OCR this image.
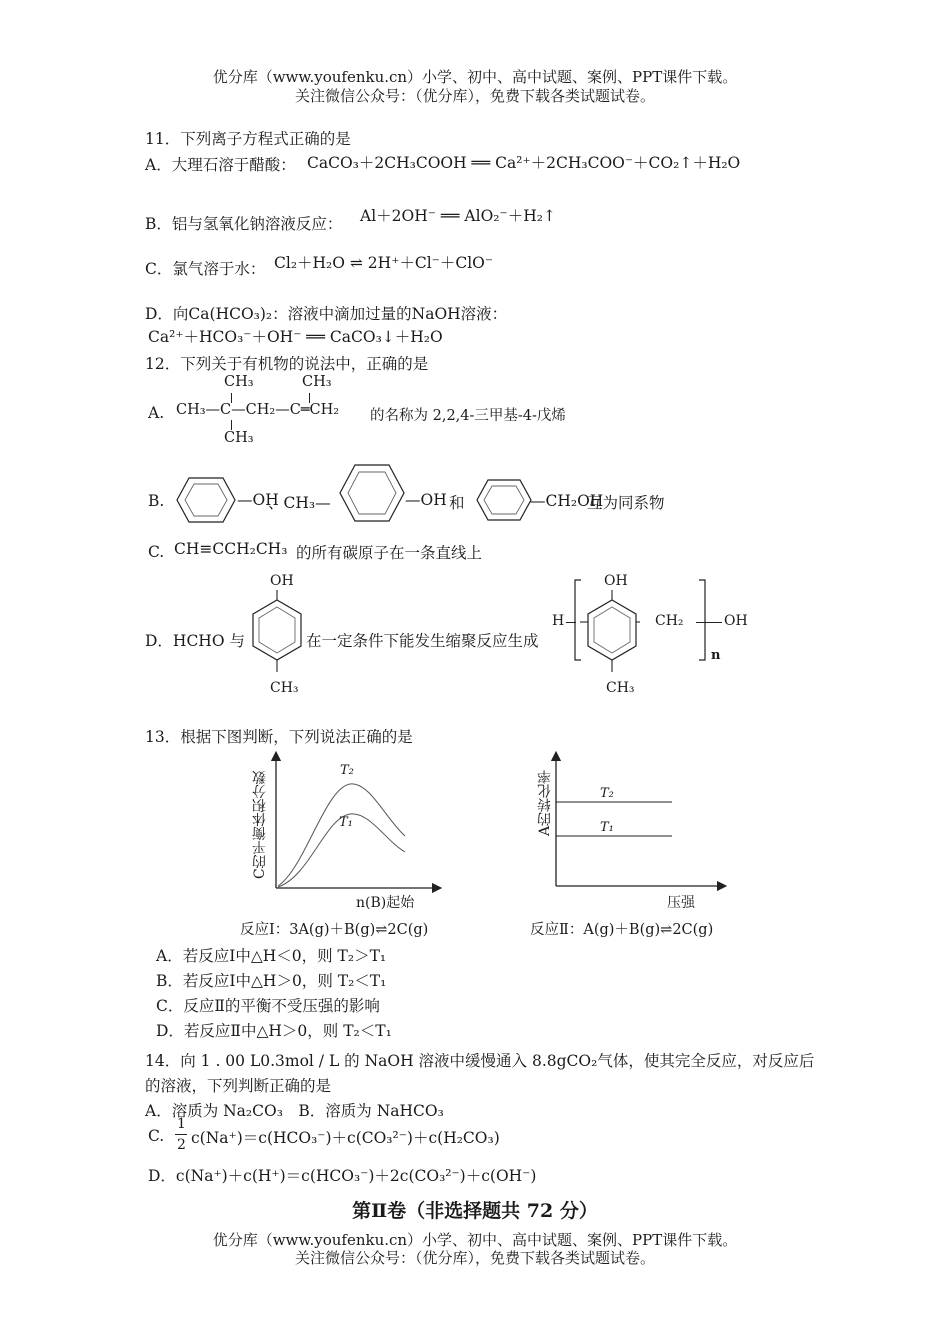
优分库（www.youfenku.cn）小学、初中、高中试题、案例、PPT课件下载。
关注微信公众号：（优分库），免费下载各类试题试卷。
11．下列离子方程式正确的是
A．大理石溶于醋酸： CaCO₃＋2CH₃COOH ══ Ca²⁺＋2CH₃COO⁻＋CO₂↑＋H₂O
B．铝与氢氧化钠溶液反应： Al＋2OH⁻ ══ AlO₂⁻＋H₂↑
C．氯气溶于水： Cl₂＋H₂O ⇌ 2H⁺＋Cl⁻＋ClO⁻
D．向Ca(HCO₃)₂：溶液中滴加过量的NaOH溶液：
Ca²⁺＋HCO₃⁻＋OH⁻ ══ CaCO₃↓＋H₂O
12．下列关于有机物的说法中，正确的是
A.
CH₃	CH₃
CH₃—C—CH₂—C═CH₂
CH₃
的名称为 2,2,4-三甲基-4-戊烯
B.	—OH
、CH₃—	—OH 和	—CH₂OH
互为同系物
C. CH≡CCH₂CH₃ 的所有碳原子在一条直线上
D．HCHO 与
OH
CH₃
在一定条件下能发生缩聚反应生成
H
OH
CH₂	OH
CH₃
n
13．根据下图判断，下列说法正确的是
C的平衡体积分数
T₂
T₁
n(B)起始
反应Ⅰ：3A(g)＋B(g)⇌2C(g)
A的转化率	T₂
T₁
压强
反应Ⅱ：A(g)＋B(g)⇌2C(g)
A．若反应Ⅰ中△H＜0，则 T₂＞T₁
B．若反应Ⅰ中△H＞0，则 T₂＜T₁
C．反应Ⅱ的平衡不受压强的影响
D．若反应Ⅱ中△H＞0，则 T₂＜T₁
14．向 1 . 00 L0.3mol / L 的 NaOH 溶液中缓慢通入 8.8gCO₂气体，使其完全反应，对反应后
的溶液，下列判断正确的是
A．溶质为 Na₂CO₃　B．溶质为 NaHCO₃
C.
1
2 c(Na⁺)＝c(HCO₃⁻)＋c(CO₃²⁻)＋c(H₂CO₃)
D．c(Na⁺)＋c(H⁺)＝c(HCO₃⁻)＋2c(CO₃²⁻)＋c(OH⁻)
第Ⅱ卷（非选择题共 72 分）
优分库（www.youfenku.cn）小学、初中、高中试题、案例、PPT课件下载。
关注微信公众号：（优分库），免费下载各类试题试卷。
